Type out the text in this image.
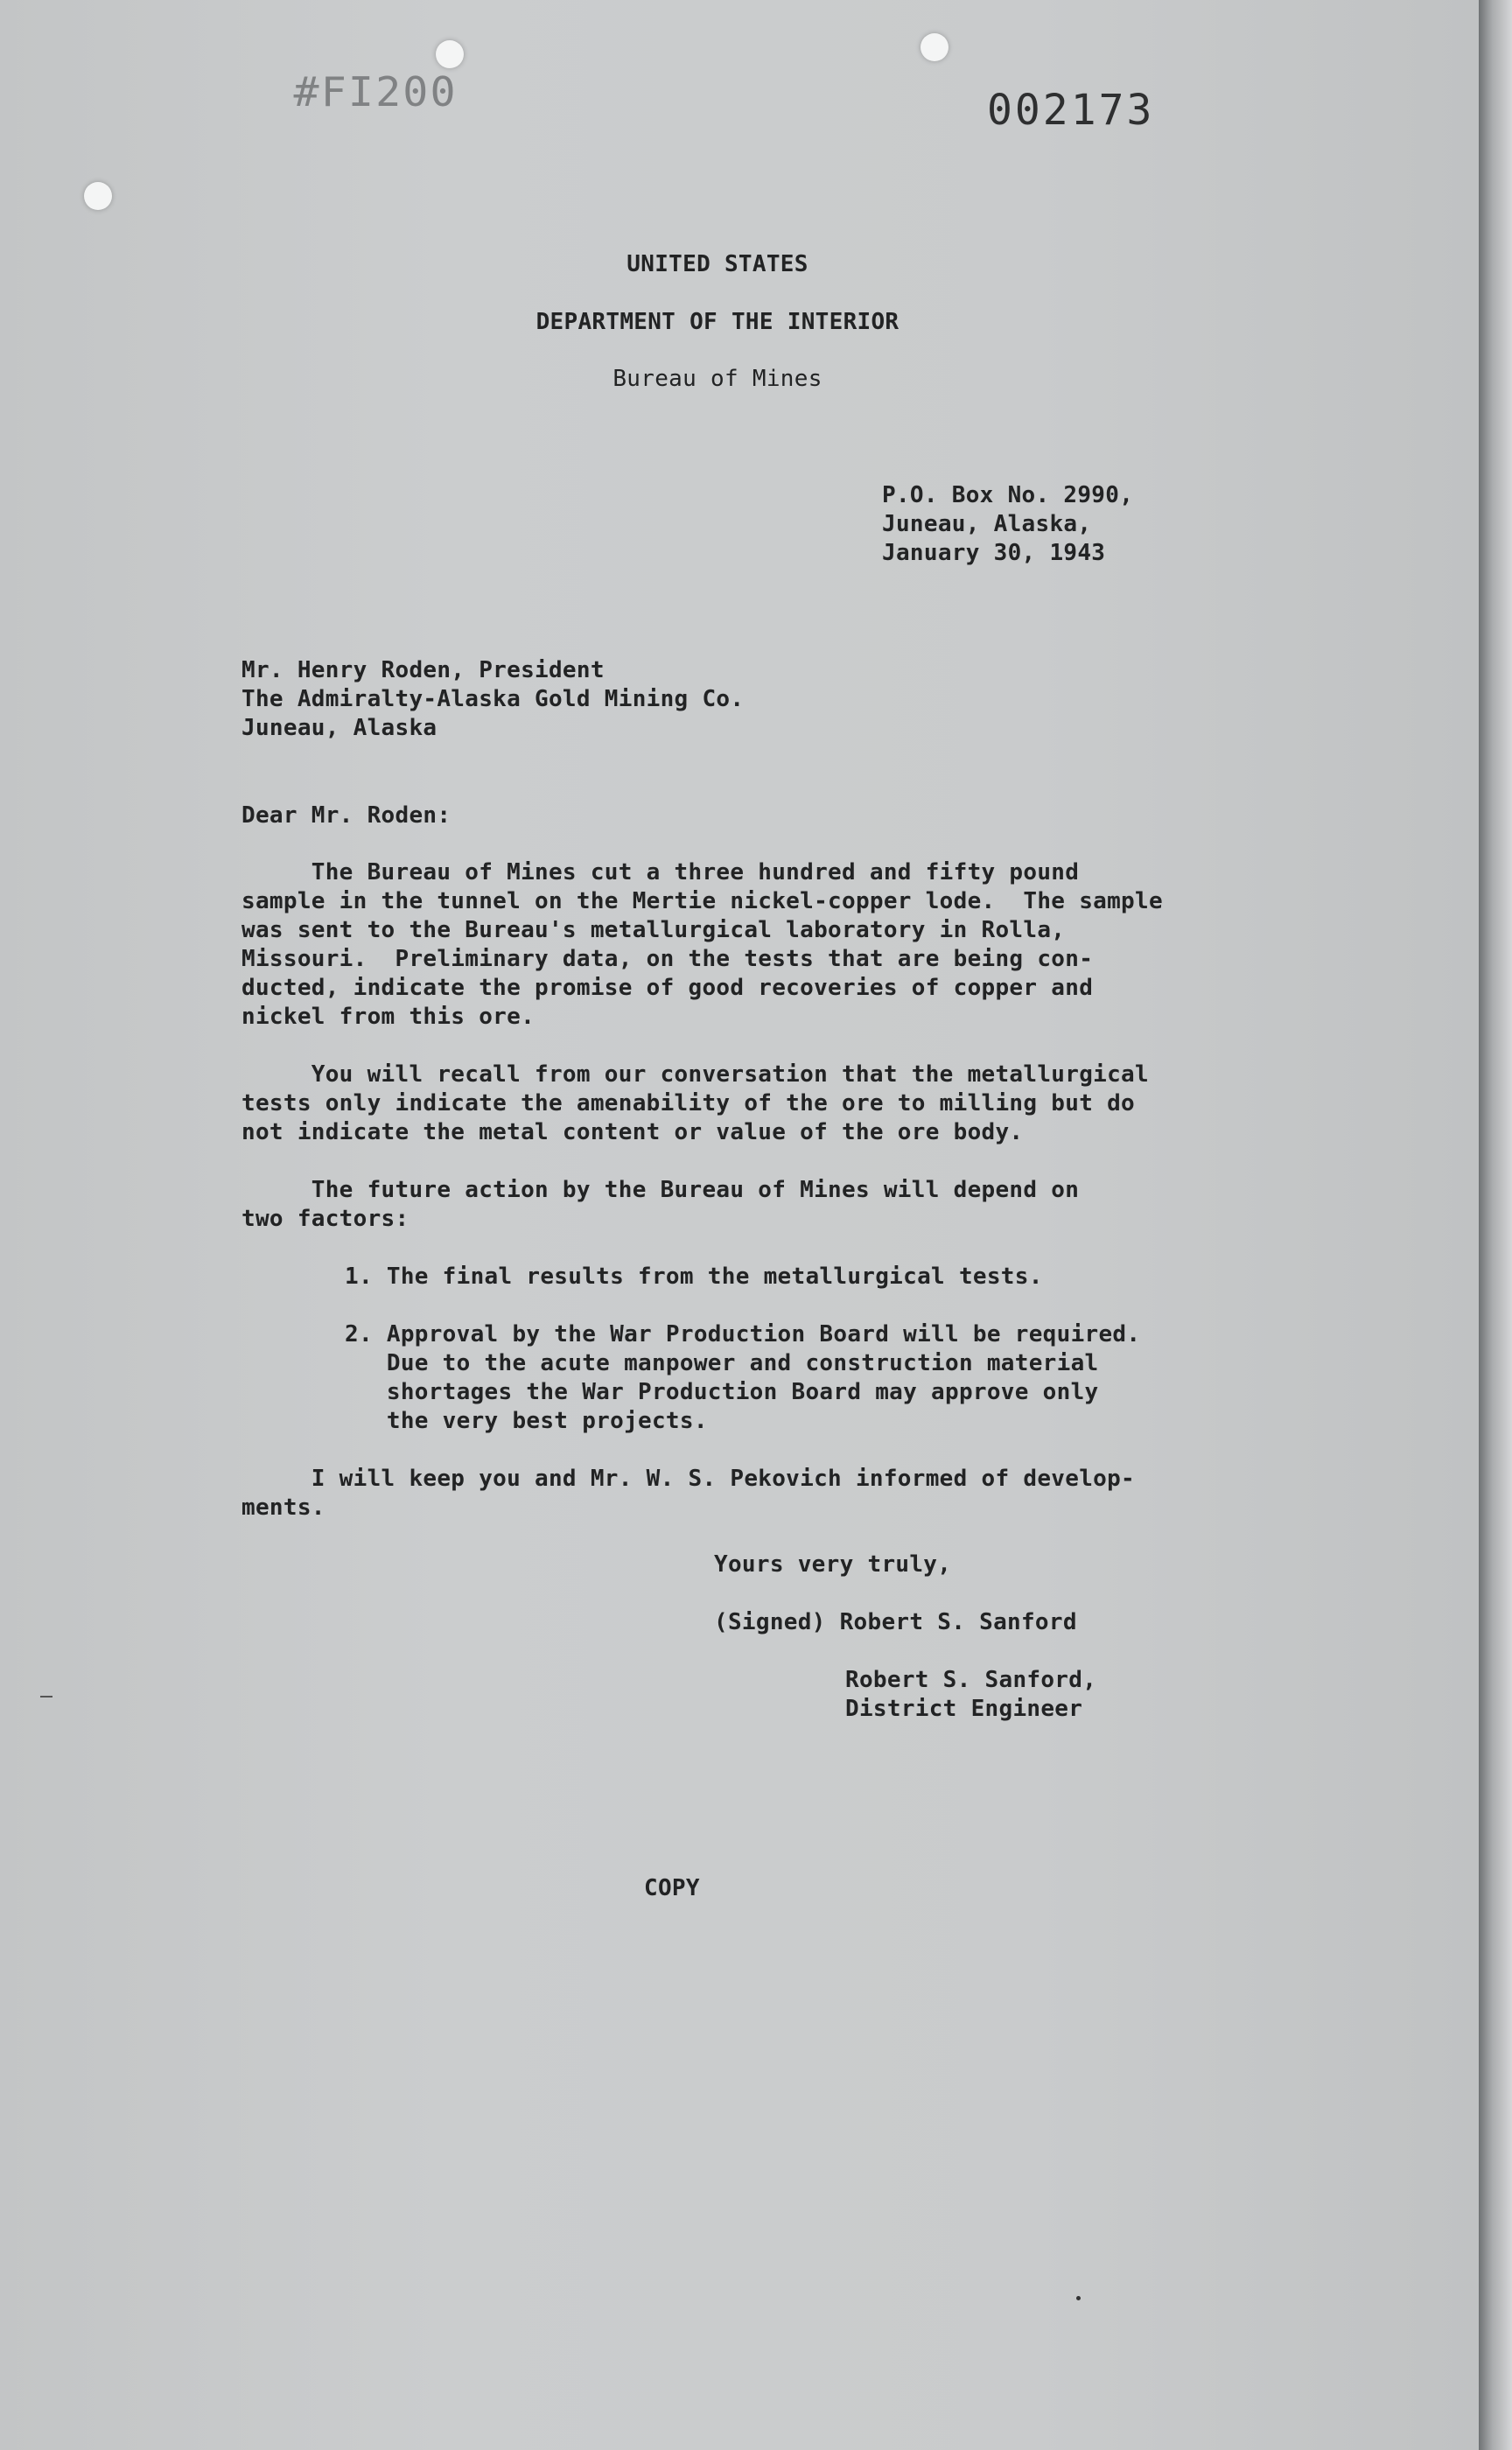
#FI200	002173
UNITED STATES
DEPARTMENT OF THE INTERIOR
Bureau of Mines
P.O. Box No. 2990,
Juneau, Alaska,
January 30, 1943
Mr. Henry Roden, President
The Admiralty-Alaska Gold Mining Co.
Juneau, Alaska
Dear Mr. Roden:
The Bureau of Mines cut a three hundred and fifty pound
sample in the tunnel on the Mertie nickel-copper lode.  The sample
was sent to the Bureau's metallurgical laboratory in Rolla,
Missouri.  Preliminary data, on the tests that are being con-
ducted, indicate the promise of good recoveries of copper and
nickel from this ore.
You will recall from our conversation that the metallurgical
tests only indicate the amenability of the ore to milling but do
not indicate the metal content or value of the ore body.
The future action by the Bureau of Mines will depend on
two factors:
1. The final results from the metallurgical tests.
2. Approval by the War Production Board will be required.
Due to the acute manpower and construction material
shortages the War Production Board may approve only
the very best projects.
I will keep you and Mr. W. S. Pekovich informed of develop-
ments.
Yours very truly,
(Signed) Robert S. Sanford
Robert S. Sanford,
District Engineer
COPY
